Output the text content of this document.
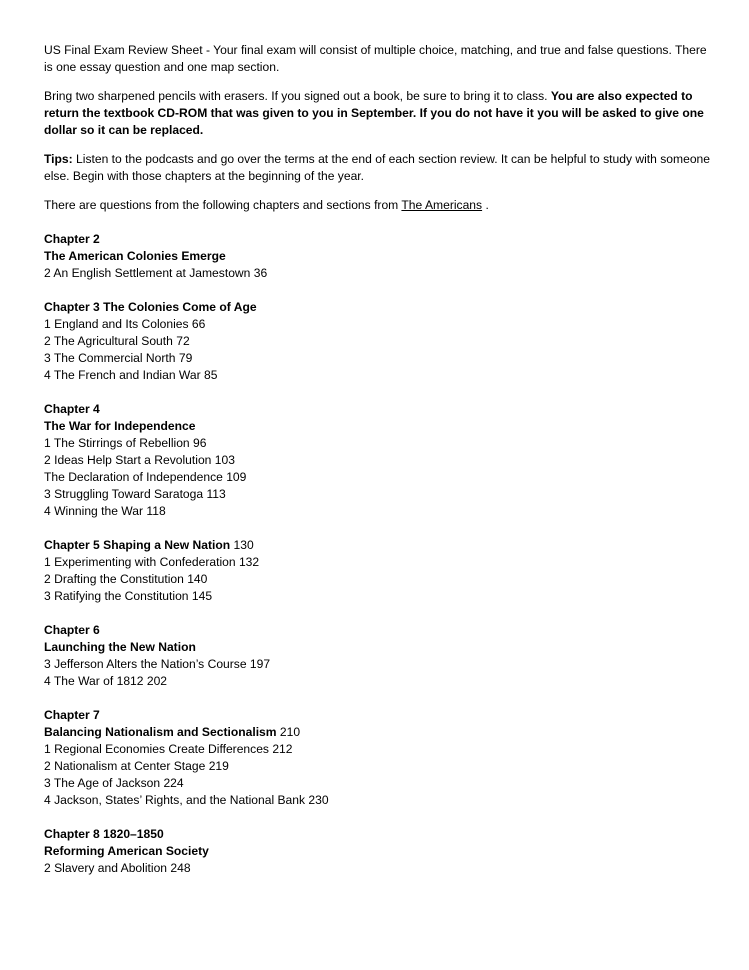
US Final Exam Review Sheet - Your final exam will consist of multiple choice, matching, and true and false questions. There is one essay question and one map section.

Bring two sharpened pencils with erasers. If you signed out a book, be sure to bring it to class. You are also expected to return the textbook CD-ROM that was given to you in September. If you do not have it you will be asked to give one dollar so it can be replaced.

Tips: Listen to the podcasts and go over the terms at the end of each section review. It can be helpful to study with someone else. Begin with those chapters at the beginning of the year.

There are questions from the following chapters and sections from The Americans .

Chapter 2
The American Colonies Emerge
2 An English Settlement at Jamestown 36
Chapter 3 The Colonies Come of Age
1 England and Its Colonies 66
2 The Agricultural South 72
3 The Commercial North 79
4 The French and Indian War 85
Chapter 4
The War for Independence
1 The Stirrings of Rebellion 96
2 Ideas Help Start a Revolution 103
The Declaration of Independence 109
3 Struggling Toward Saratoga 113
4 Winning the War 118
Chapter 5 Shaping a New Nation 130
1 Experimenting with Confederation 132
2 Drafting the Constitution 140
3 Ratifying the Constitution 145
Chapter 6
Launching the New Nation
3 Jefferson Alters the Nation’s Course 197
4 The War of 1812 202
Chapter 7
Balancing Nationalism and Sectionalism 210
1 Regional Economies Create Differences 212
2 Nationalism at Center Stage 219
3 The Age of Jackson 224
4 Jackson, States’ Rights, and the National Bank 230
Chapter 8 1820–1850
Reforming American Society
2 Slavery and Abolition 248
